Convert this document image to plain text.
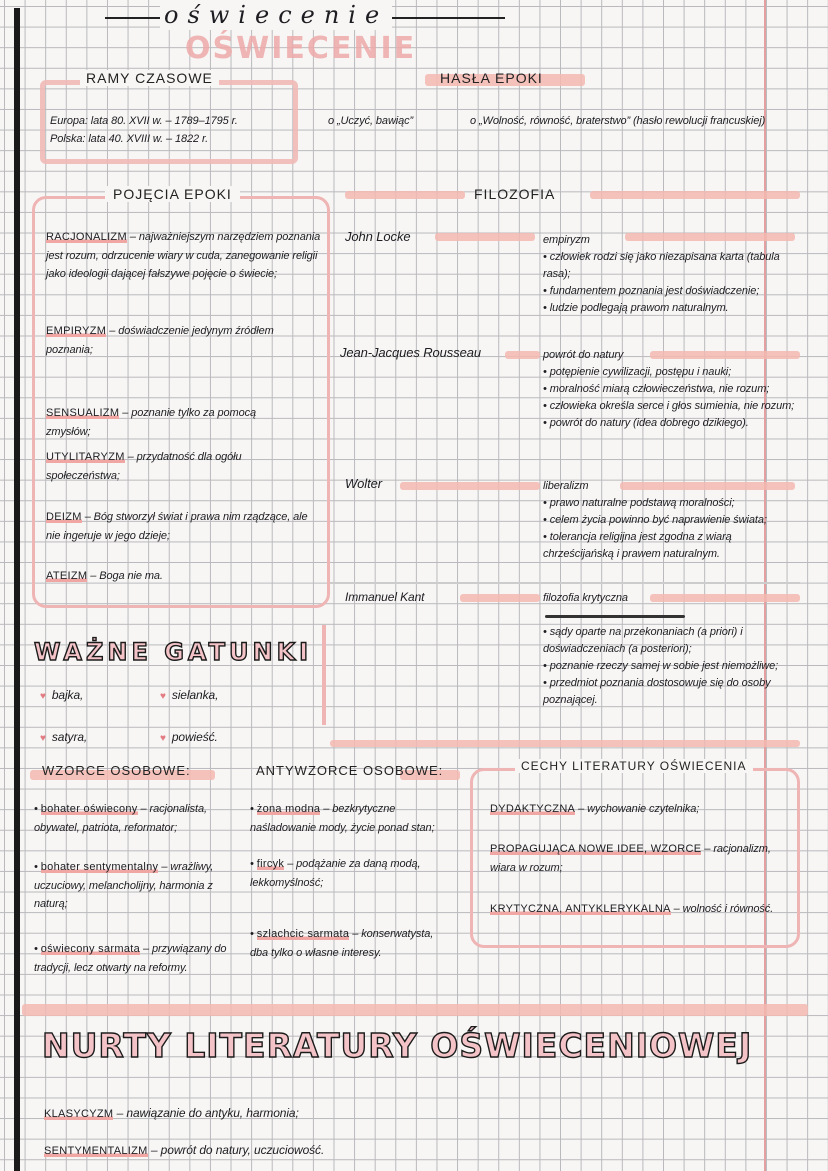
oświecenie
OŚWIECENIE
RAMY CZASOWE
Europa: lata 80. XVII w. – 1789–1795 r.
Polska: lata 40. XVIII w. – 1822 r.
HASŁA EPOKI
o „Uczyć, bawiąc”	o „Wolność, równość, braterstwo” (hasło rewolucji francuskiej)
POJĘCIA EPOKI
RACJONALIZM – najważniejszym narzędziem poznania jest rozum, odrzucenie wiary w cuda, zanegowanie religii jako ideologii dającej fałszywe pojęcie o świecie;
EMPIRYZM – doświadczenie jedynym źródłem poznania;
SENSUALIZM – poznanie tylko za pomocą zmysłów;
UTYLITARYZM – przydatność dla ogółu społeczeństwa;
DEIZM – Bóg stworzył świat i prawa nim rządzące, ale nie ingeruje w jego dzieje;
ATEIZM – Boga nie ma.
FILOZOFIA
John Locke	empiryzm
• człowiek rodzi się jako niezapisana karta (tabula rasa);
• fundamentem poznania jest doświadczenie;
• ludzie podlegają prawom naturalnym.
Jean-Jacques Rousseau	powrót do natury
• potępienie cywilizacji, postępu i nauki;
• moralność miarą człowieczeństwa, nie rozum;
• człowieka określa serce i głos sumienia, nie rozum;
• powrót do natury (idea dobrego dzikiego).
Wolter	liberalizm
• prawo naturalne podstawą moralności;
• celem życia powinno być naprawienie świata;
• tolerancja religijna jest zgodna z wiarą chrześcijańską i prawem naturalnym.
Immanuel Kant	filozofia krytyczna
• sądy oparte na przekonaniach (a priori) i doświadczeniach (a posteriori);
• poznanie rzeczy samej w sobie jest niemożliwe;
• przedmiot poznania dostosowuje się do osoby poznającej.
WAŻNE GATUNKI
♥ bajka,	♥ sielanka,
♥ satyra,	♥ powieść.
WZORCE OSOBOWE:
• bohater oświecony – racjonalista, obywatel, patriota, reformator;
• bohater sentymentalny – wrażliwy, uczuciowy, melancholijny, harmonia z naturą;
• oświecony sarmata – przywiązany do tradycji, lecz otwarty na reformy.
ANTYWZORCE OSOBOWE:
• żona modna – bezkrytyczne naśladowanie mody, życie ponad stan;
• fircyk – podążanie za daną modą, lekkomyślność;
• szlachcic sarmata – konserwatysta, dba tylko o własne interesy.
CECHY LITERATURY OŚWIECENIA
DYDAKTYCZNA – wychowanie czytelnika;
PROPAGUJĄCA NOWE IDEE, WZORCE – racjonalizm, wiara w rozum;
KRYTYCZNA, ANTYKLERYKALNA – wolność i równość.
NURTY LITERATURY OŚWIECENIOWEJ
KLASYCYZM – nawiązanie do antyku, harmonia;
SENTYMENTALIZM – powrót do natury, uczuciowość.
